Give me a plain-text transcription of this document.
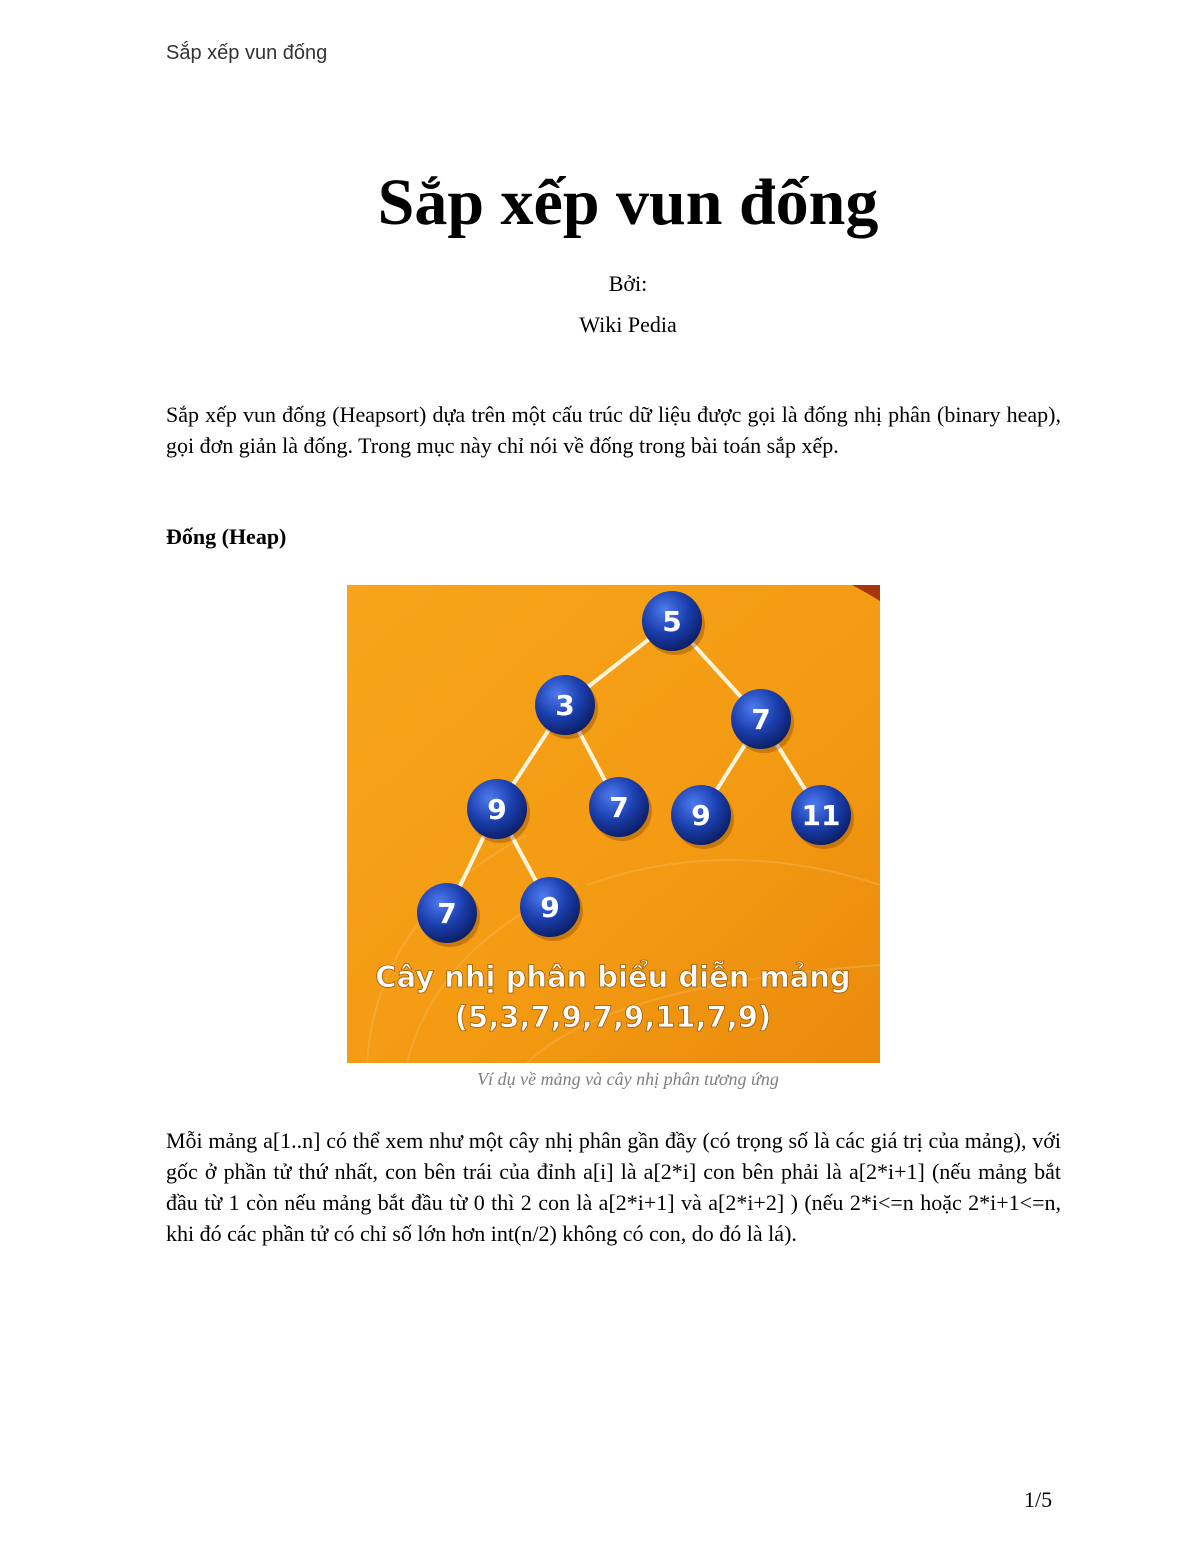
Sắp xếp vun đống
Sắp xếp vun đống
Bởi:
Wiki Pedia
Sắp xếp vun đống (Heapsort) dựa trên một cấu trúc dữ liệu được gọi là đống nhị phân (binary heap), gọi đơn giản là đống. Trong mục này chỉ nói về đống trong bài toán sắp xếp.
Đống (Heap)
5
3	7
9	7 9	11
7	9
Cây nhị phân biểu diễn mảng
(5,3,7,9,7,9,11,7,9)
Ví dụ về mảng và cây nhị phân tương ứng
Mỗi mảng a[1..n] có thể xem như một cây nhị phân gần đầy (có trọng số là các giá trị của mảng), với gốc ở phần tử thứ nhất, con bên trái của đỉnh a[i] là a[2*i] con bên phải là a[2*i+1] (nếu mảng bắt đầu từ 1 còn nếu mảng bắt đầu từ 0 thì 2 con là a[2*i+1] và a[2*i+2] ) (nếu 2*i<=n hoặc 2*i+1<=n, khi đó các phần tử có chỉ số lớn hơn int(n/2) không có con, do đó là lá).
1/5
